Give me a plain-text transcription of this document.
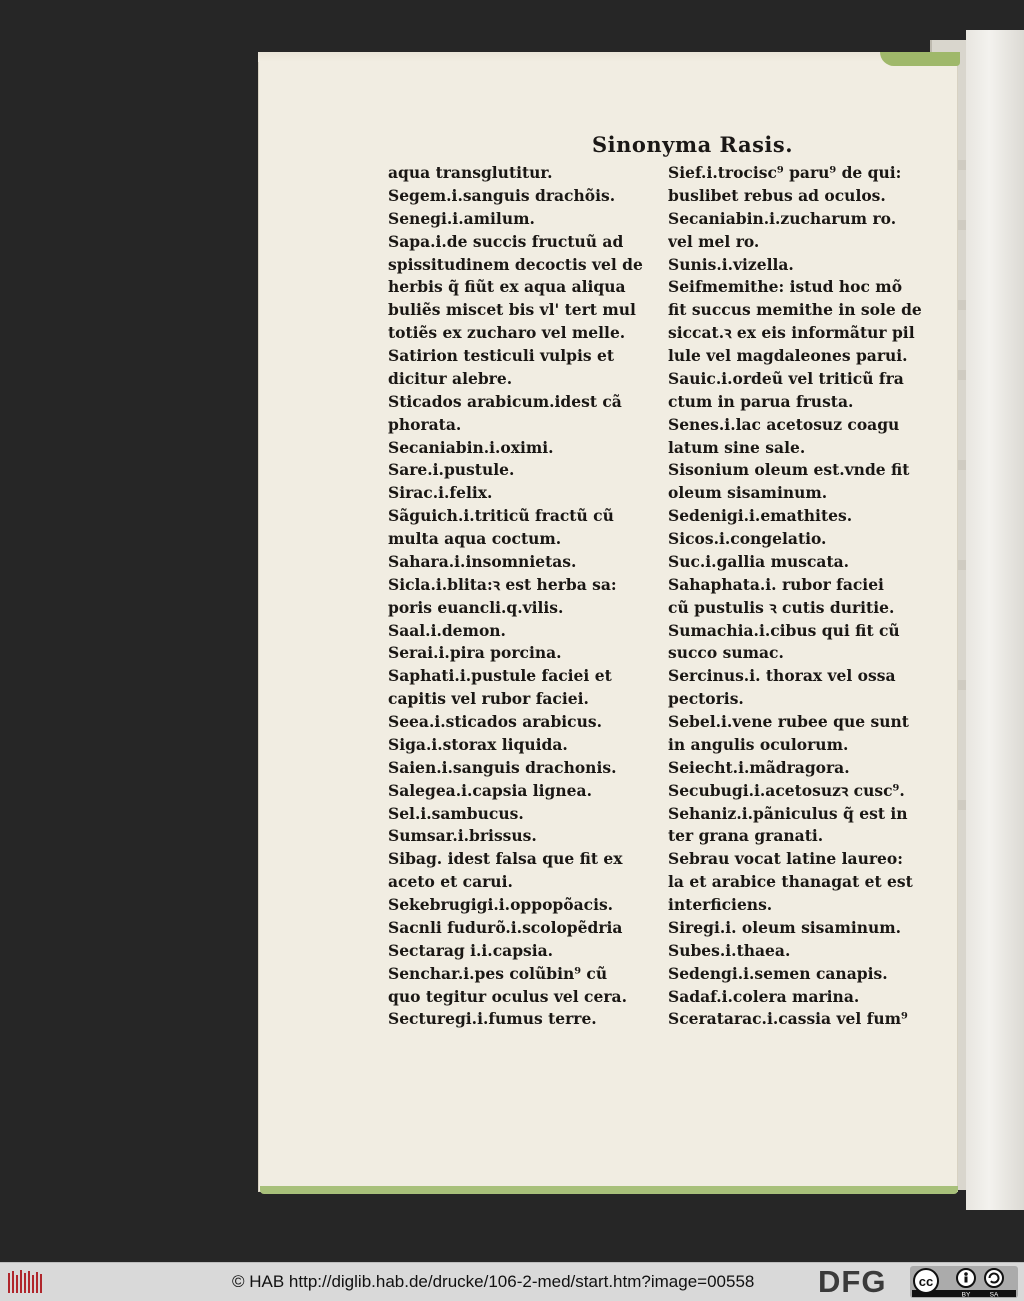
Sinonyma Rasis.
aqua transglutitur.
Segem.i.sanguis drachõis.
Senegi.i.amilum.
Sapa.i.de succis fructuũ ad
spissitudinem decoctis vel de
herbis q̃ fiũt ex aqua aliqua
buliẽs miscet bis vl' tert mul
totiẽs ex zucharo vel melle.
Satirion testiculi vulpis et
dicitur alebre.
Sticados arabicum.idest cã
phorata.
Secaniabin.i.oximi.
Sare.i.pustule.
Sirac.i.felix.
Sãguich.i.triticũ fractũ cũ
multa aqua coctum.
Sahara.i.insomnietas.
Sicla.i.blita:ꝛ est herba sa:
poris euancli.q.vilis.
Saal.i.demon.
Serai.i.pira porcina.
Saphati.i.pustule faciei et
capitis vel rubor faciei.
Seea.i.sticados arabicus.
Siga.i.storax liquida.
Saien.i.sanguis drachonis.
Salegea.i.capsia lignea.
Sel.i.sambucus.
Sumsar.i.brissus.
Sibag. idest falsa que fit ex
aceto et carui.
Sekebrugigi.i.oppopõacis.
Sacnli fudurõ.i.scolopẽdria
Sectarag i.i.capsia.
Senchar.i.pes colũbin⁹ cũ
quo tegitur oculus vel cera.
Secturegi.i.fumus terre.
Sief.i.trocisc⁹ paru⁹ de qui:
buslibet rebus ad oculos.
Secaniabin.i.zucharum ro.
vel mel ro.
Sunis.i.vizella.
Seifmemithe: istud hoc mõ
fit succus memithe in sole de
siccat.ꝛ ex eis informãtur pil
lule vel magdaleones parui.
Sauic.i.ordeũ vel triticũ fra
ctum in parua frusta.
Senes.i.lac acetosuz coagu
latum sine sale.
Sisonium oleum est.vnde fit
oleum sisaminum.
Sedenigi.i.emathites.
Sicos.i.congelatio.
Suc.i.gallia muscata.
Sahaphata.i. rubor faciei
cũ pustulis ꝛ cutis duritie.
Sumachia.i.cibus qui fit cũ
succo sumac.
Sercinus.i. thorax vel ossa
pectoris.
Sebel.i.vene rubee que sunt
in angulis oculorum.
Seiecht.i.mãdragora.
Secubugi.i.acetosuzꝛ cusc⁹.
Sehaniz.i.pãniculus q̃ est in
ter grana granati.
Sebrau vocat latine laureo:
la et arabice thanagat et est
interficiens.
Siregi.i. oleum sisaminum.
Subes.i.thaea.
Sedengi.i.semen canapis.
Sadaf.i.colera marina.
Sceratarac.i.cassia vel fum⁹
© HAB http://diglib.hab.de/drucke/106-2-med/start.htm?image=00558 DFG cc
BY	SA
